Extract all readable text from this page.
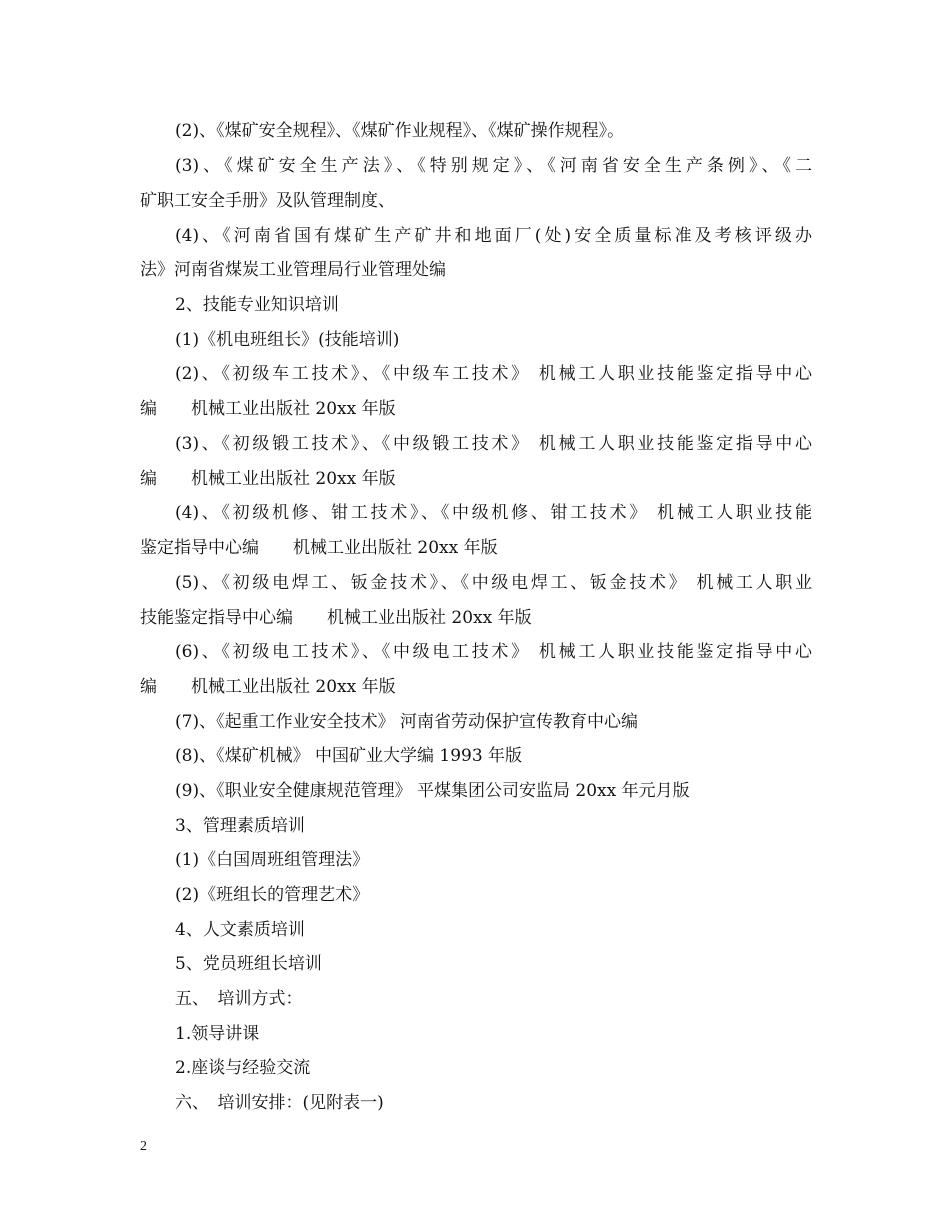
(2)、《煤矿安全规程》、《煤矿作业规程》、《煤矿操作规程》。
(3)、《煤矿安全生产法》、《特别规定》、《河南省安全生产条例》、《二
矿职工安全手册》及队管理制度、
(4)、《河南省国有煤矿生产矿井和地面厂(处)安全质量标准及考核评级办
法》河南省煤炭工业管理局行业管理处编
2、技能专业知识培训
(1)《机电班组长》(技能培训)
(2)、《初级车工技术》、《中级车工技术》 机械工人职业技能鉴定指导中心
编　　机械工业出版社 20xx 年版
(3)、《初级锻工技术》、《中级锻工技术》 机械工人职业技能鉴定指导中心
编　　机械工业出版社 20xx 年版
(4)、《初级机修、钳工技术》、《中级机修、钳工技术》 机械工人职业技能
鉴定指导中心编　　机械工业出版社 20xx 年版
(5)、《初级电焊工、钣金技术》、《中级电焊工、钣金技术》 机械工人职业
技能鉴定指导中心编　　机械工业出版社 20xx 年版
(6)、《初级电工技术》、《中级电工技术》 机械工人职业技能鉴定指导中心
编　　机械工业出版社 20xx 年版
(7)、《起重工作业安全技术》 河南省劳动保护宣传教育中心编
(8)、《煤矿机械》 中国矿业大学编 1993 年版
(9)、《职业安全健康规范管理》 平煤集团公司安监局 20xx 年元月版
3、管理素质培训
(1)《白国周班组管理法》
(2)《班组长的管理艺术》
4、人文素质培训
5、党员班组长培训
五、　培训方式：
1.领导讲课
2.座谈与经验交流
六、　培训安排：(见附表一)
2
